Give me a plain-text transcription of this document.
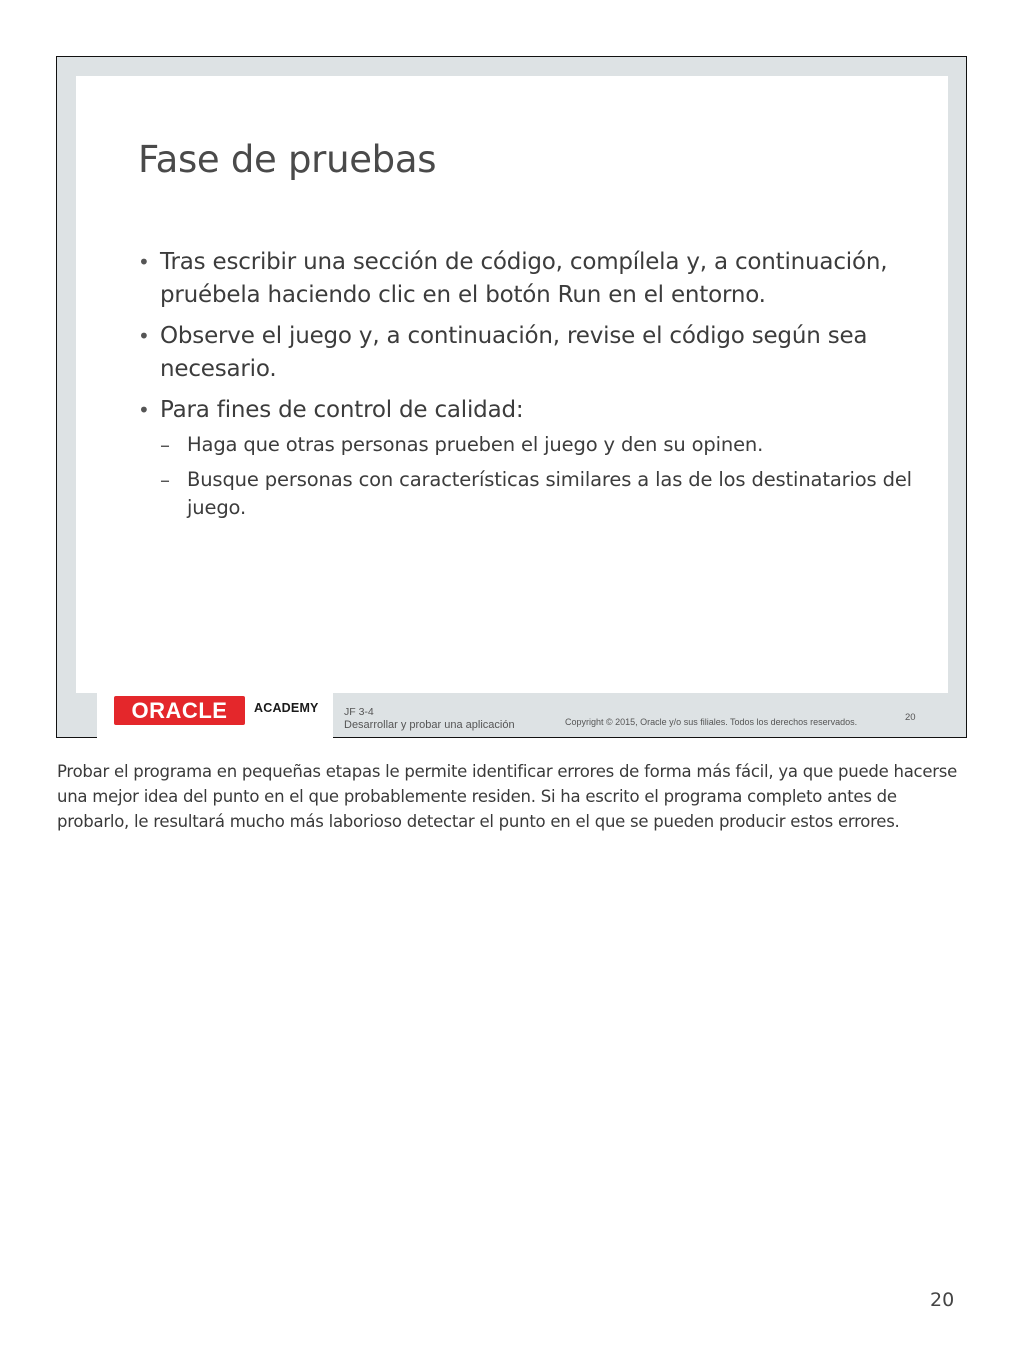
Fase de pruebas
• Tras escribir una sección de código, compílela y, a continuación, pruébela haciendo clic en el botón Run en el entorno.
• Observe el juego y, a continuación, revise el código según sea necesario.
• Para fines de control de calidad:
– Haga que otras personas prueben el juego y den su opinen.
– Busque personas con características similares a las de los destinatarios del juego.
ORACLE	ACADEMY JF 3-4
Desarrollar y probar una aplicación	Copyright © 2015, Oracle y/o sus filiales. Todos los derechos reservados.	20

Probar el programa en pequeñas etapas le permite identificar errores de forma más fácil, ya que puede hacerse una mejor idea del punto en el que probablemente residen. Si ha escrito el programa completo antes de probarlo, le resultará mucho más laborioso detectar el punto en el que se pueden producir estos errores.

20
